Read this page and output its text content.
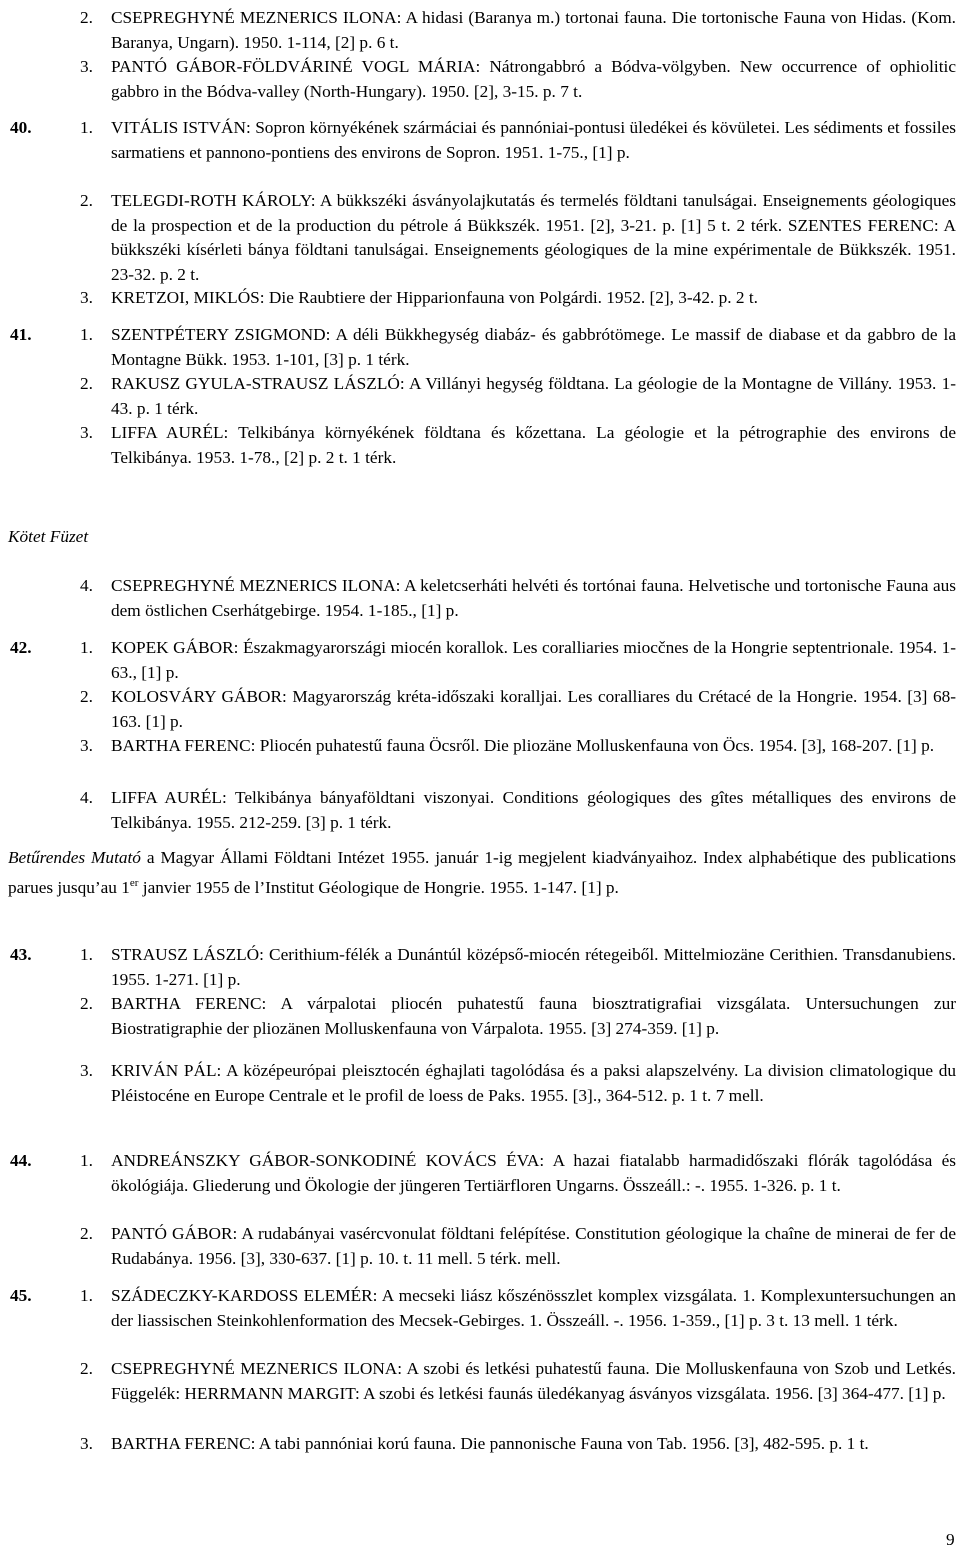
2.	CSEPREGHYNÉ MEZNERICS ILONA: A hidasi (Baranya m.) tortonai fauna. Die tortonische Fauna von Hidas. (Kom. Baranya, Ungarn). 1950. 1-114, [2] p. 6 t.
3.	PANTÓ GÁBOR-FÖLDVÁRINÉ VOGL MÁRIA: Nátrongabbró a Bódva-völgyben. New occurrence of ophiolitic gabbro in the Bódva-valley (North-Hungary). 1950. [2], 3-15. p. 7 t.
40.	1.	VITÁLIS ISTVÁN: Sopron környékének szármáciai és pannóniai-pontusi üledékei és kövületei. Les sédiments et fossiles sarmatiens et pannono-pontiens des environs de Sopron. 1951. 1-75., [1] p.
2.	TELEGDI-ROTH KÁROLY: A bükkszéki ásványolajkutatás és termelés földtani tanulságai. Enseignements géologiques de la prospection et de la production du pétrole á Bükkszék. 1951. [2], 3-21. p. [1] 5 t. 2 térk. SZENTES FERENC: A bükkszéki kísérleti bánya földtani tanulságai. Enseignements géologiques de la mine expérimentale de Bükkszék. 1951. 23-32. p. 2 t.
3.	KRETZOI, MIKLÓS: Die Raubtiere der Hipparionfauna von Polgárdi. 1952. [2], 3-42. p. 2 t.
41.	1.	SZENTPÉTERY ZSIGMOND: A déli Bükkhegység diabáz- és gabbrótömege. Le massif de diabase et da gabbro de la Montagne Bükk. 1953. 1-101, [3] p. 1 térk.
2.	RAKUSZ GYULA-STRAUSZ LÁSZLÓ: A Villányi hegység földtana. La géologie de la Montagne de Villány. 1953. 1-43. p. 1 térk.
3.	LIFFA AURÉL: Telkibánya környékének földtana és kőzettana. La géologie et la pétrographie des environs de Telkibánya. 1953. 1-78., [2] p. 2 t. 1 térk.
Kötet Füzet
4.	CSEPREGHYNÉ MEZNERICS ILONA: A keletcserháti helvéti és tortónai fauna. Helvetische und tortonische Fauna aus dem östlichen Cserhátgebirge. 1954. 1-185., [1] p.
42.	1.	KOPEK GÁBOR: Északmagyarországi miocén korallok. Les coralliaries miocčnes de la Hongrie septentrionale. 1954. 1-63., [1] p.
2.	KOLOSVÁRY GÁBOR: Magyarország kréta-időszaki koralljai. Les coralliares du Crétacé de la Hongrie. 1954. [3] 68-163. [1] p.
3.	BARTHA FERENC: Pliocén puhatestű fauna Öcsről. Die pliozäne Molluskenfauna von Öcs. 1954. [3], 168-207. [1] p.
4.	LIFFA AURÉL: Telkibánya bányaföldtani viszonyai. Conditions géologiques des gîtes métalliques des environs de Telkibánya. 1955. 212-259. [3] p. 1 térk.
Betűrendes Mutató a Magyar Állami Földtani Intézet 1955. január 1-ig megjelent kiadványaihoz. Index alphabétique des publications parues jusqu’au 1er janvier 1955 de l’Institut Géologique de Hongrie. 1955. 1-147. [1] p.
43.	1.	STRAUSZ LÁSZLÓ: Cerithium-félék a Dunántúl középső-miocén rétegeiből. Mittelmiozäne Cerithien. Transdanubiens. 1955. 1-271. [1] p.
2.	BARTHA FERENC: A várpalotai pliocén puhatestű fauna biosztratigrafiai vizsgálata. Untersuchungen zur Biostratigraphie der pliozänen Molluskenfauna von Várpalota. 1955. [3] 274-359. [1] p.
3.	KRIVÁN PÁL: A középeurópai pleisztocén éghajlati tagolódása és a paksi alapszelvény. La division climatologique du Pléistocéne en Europe Centrale et le profil de loess de Paks. 1955. [3]., 364-512. p. 1 t. 7 mell.
44.	1.	ANDREÁNSZKY GÁBOR-SONKODINÉ KOVÁCS ÉVA: A hazai fiatalabb harmadidőszaki flórák tagolódása és ökológiája. Gliederung und Ökologie der jüngeren Tertiärfloren Ungarns. Összeáll.: -. 1955. 1-326. p. 1 t.
2.	PANTÓ GÁBOR: A rudabányai vasércvonulat földtani felépítése. Constitution géologique la chaîne de minerai de fer de Rudabánya. 1956. [3], 330-637. [1] p. 10. t. 11 mell. 5 térk. mell.
45.	1.	SZÁDECZKY-KARDOSS ELEMÉR: A mecseki liász kőszénösszlet komplex vizsgálata. 1. Komplexuntersuchungen an der liassischen Steinkohlenformation des Mecsek-Gebirges. 1. Összeáll. -. 1956. 1-359., [1] p. 3 t. 13 mell. 1 térk.
2.	CSEPREGHYNÉ MEZNERICS ILONA: A szobi és letkési puhatestű fauna. Die Molluskenfauna von Szob und Letkés. Függelék: HERRMANN MARGIT: A szobi és letkési faunás üledékanyag ásványos vizsgálata. 1956. [3] 364-477. [1] p.
3.	BARTHA FERENC: A tabi pannóniai korú fauna. Die pannonische Fauna von Tab. 1956. [3], 482-595. p. 1 t.
9
